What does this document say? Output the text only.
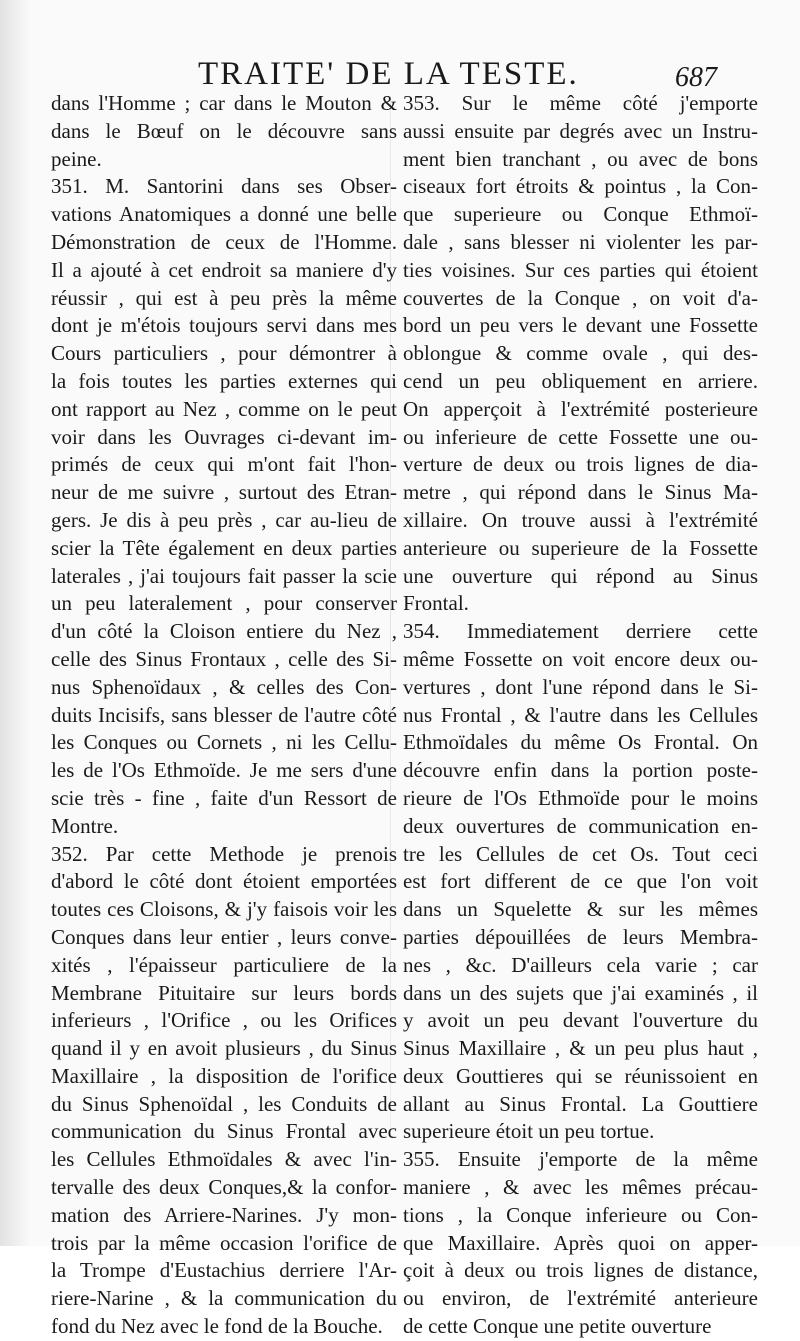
TRAITE' DE LA TESTE.	687
dans l'Homme ; car dans le Mouton &
dans le Bœuf on le découvre sans
peine.
351. M. Santorini dans ses Obser-
vations Anatomiques a donné une belle
Démonstration de ceux de l'Homme.
Il a ajouté à cet endroit sa maniere d'y
réussir , qui est à peu près la même
dont je m'étois toujours servi dans mes
Cours particuliers , pour démontrer à
la fois toutes les parties externes qui
ont rapport au Nez , comme on le peut
voir dans les Ouvrages ci-devant im-
primés de ceux qui m'ont fait l'hon-
neur de me suivre , surtout des Etran-
gers. Je dis à peu près , car au-lieu de
scier la Tête également en deux parties
laterales , j'ai toujours fait passer la scie
un peu lateralement , pour conserver
d'un côté la Cloison entiere du Nez ,
celle des Sinus Frontaux , celle des Si-
nus Sphenoïdaux , & celles des Con-
duits Incisifs, sans blesser de l'autre côté
les Conques ou Cornets , ni les Cellu-
les de l'Os Ethmoïde. Je me sers d'une
scie très - fine , faite d'un Ressort de
Montre.
352. Par cette Methode je prenois
d'abord le côté dont étoient emportées
toutes ces Cloisons, & j'y faisois voir les
Conques dans leur entier , leurs conve-
xités , l'épaisseur particuliere de la
Membrane Pituitaire sur leurs bords
inferieurs , l'Orifice , ou les Orifices
quand il y en avoit plusieurs , du Sinus
Maxillaire , la disposition de l'orifice
du Sinus Sphenoïdal , les Conduits de
communication du Sinus Frontal avec
les Cellules Ethmoïdales & avec l'in-
tervalle des deux Conques,& la confor-
mation des Arriere-Narines. J'y mon-
trois par la même occasion l'orifice de
la Trompe d'Eustachius derriere l'Ar-
riere-Narine , & la communication du
fond du Nez avec le fond de la Bouche.
353. Sur le même côté j'emporte
aussi ensuite par degrés avec un Instru-
ment bien tranchant , ou avec de bons
ciseaux fort étroits & pointus , la Con-
que superieure ou Conque Ethmoï-
dale , sans blesser ni violenter les par-
ties voisines. Sur ces parties qui étoient
couvertes de la Conque , on voit d'a-
bord un peu vers le devant une Fossette
oblongue & comme ovale , qui des-
cend un peu obliquement en arriere.
On apperçoit à l'extrémité posterieure
ou inferieure de cette Fossette une ou-
verture de deux ou trois lignes de dia-
metre , qui répond dans le Sinus Ma-
xillaire. On trouve aussi à l'extrémité
anterieure ou superieure de la Fossette
une ouverture qui répond au Sinus
Frontal.
354. Immediatement derriere cette
même Fossette on voit encore deux ou-
vertures , dont l'une répond dans le Si-
nus Frontal , & l'autre dans les Cellules
Ethmoïdales du même Os Frontal. On
découvre enfin dans la portion poste-
rieure de l'Os Ethmoïde pour le moins
deux ouvertures de communication en-
tre les Cellules de cet Os. Tout ceci
est fort different de ce que l'on voit
dans un Squelette & sur les mêmes
parties dépouillées de leurs Membra-
nes , &c. D'ailleurs cela varie ; car
dans un des sujets que j'ai examinés , il
y avoit un peu devant l'ouverture du
Sinus Maxillaire , & un peu plus haut ,
deux Gouttieres qui se réunissoient en
allant au Sinus Frontal. La Gouttiere
superieure étoit un peu tortue.
355. Ensuite j'emporte de la même
maniere , & avec les mêmes précau-
tions , la Conque inferieure ou Con-
que Maxillaire. Après quoi on apper-
çoit à deux ou trois lignes de distance,
ou environ, de l'extrémité anterieure
de cette Conque une petite ouverture
